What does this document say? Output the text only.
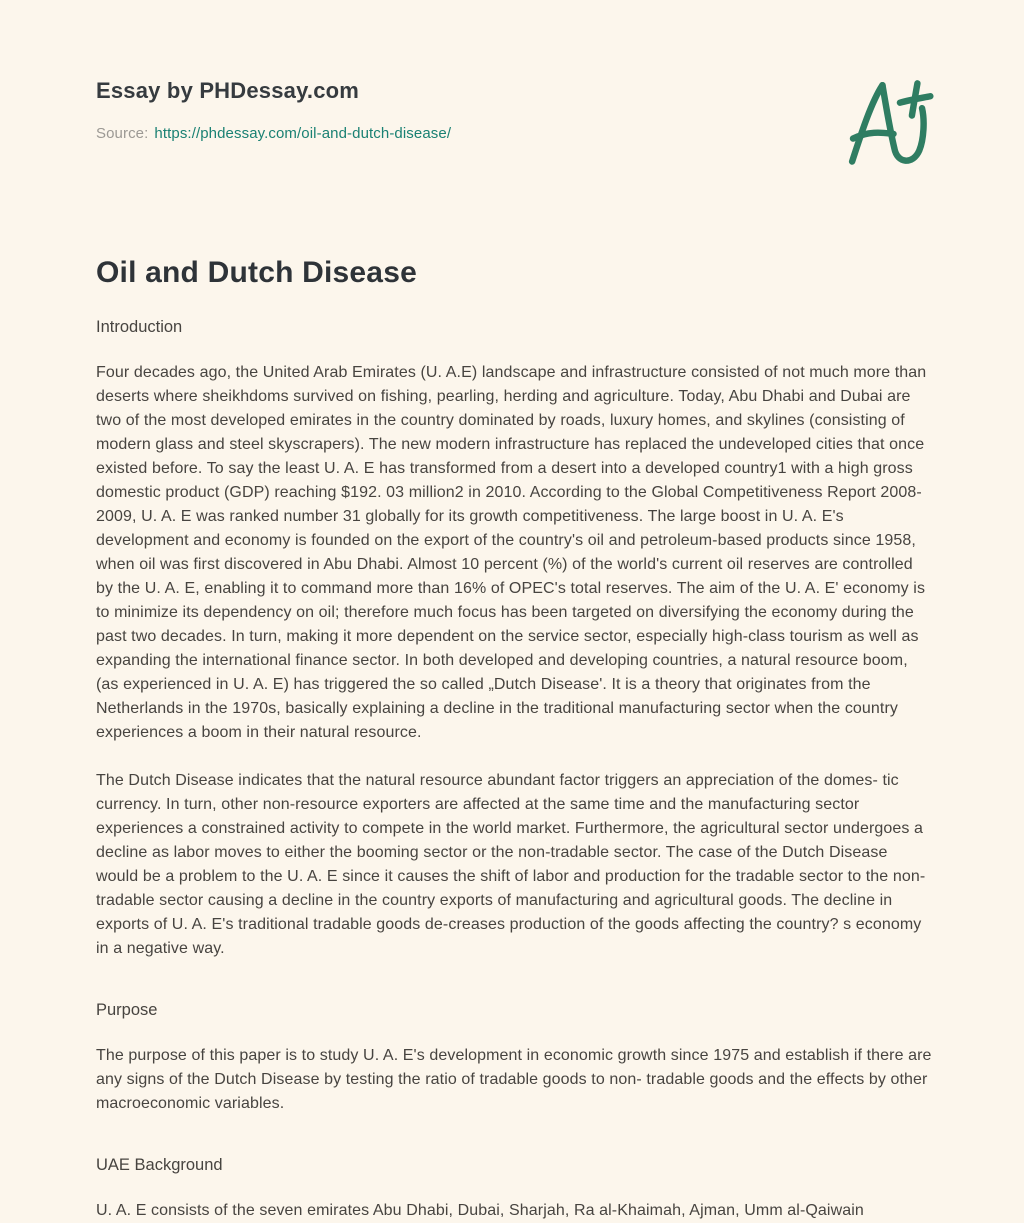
Essay by PHDessay.com
Source: https://phdessay.com/oil-and-dutch-disease/
Oil and Dutch Disease
Introduction

Four decades ago, the United Arab Emirates (U. A.E) landscape and infrastructure consisted of not much more than deserts where sheikhdoms survived on fishing, pearling, herding and agriculture. Today, Abu Dhabi and Dubai are two of the most developed emirates in the country dominated by roads, luxury homes, and skylines (consisting of modern glass and steel skyscrapers). The new modern infrastructure has replaced the undeveloped cities that once existed before. To say the least U. A. E has transformed from a desert into a developed country1 with a high gross domestic product (GDP) reaching $192. 03 million2 in 2010. According to the Global Competitiveness Report 2008-2009, U. A. E was ranked number 31 globally for its growth competitiveness. The large boost in U. A. E's development and economy is founded on the export of the country's oil and petroleum-based products since 1958, when oil was first discovered in Abu Dhabi. Almost 10 percent (%) of the world's current oil reserves are controlled by the U. A. E, enabling it to command more than 16% of OPEC's total reserves. The aim of the U. A. E' economy is to minimize its dependency on oil; therefore much focus has been targeted on diversifying the economy during the past two decades. In turn, making it more dependent on the service sector, especially high-class tourism as well as expanding the international finance sector. In both developed and developing countries, a natural resource boom, (as experienced in U. A. E) has triggered the so called „Dutch Disease'. It is a theory that originates from the Netherlands in the 1970s, basically explaining a decline in the traditional manufacturing sector when the country experiences a boom in their natural resource.

The Dutch Disease indicates that the natural resource abundant factor triggers an appreciation of the domes- tic currency. In turn, other non-resource exporters are affected at the same time and the manufacturing sector experiences a constrained activity to compete in the world market. Furthermore, the agricultural sector undergoes a decline as labor moves to either the booming sector or the non-tradable sector. The case of the Dutch Disease would be a problem to the U. A. E since it causes the shift of labor and production for the tradable sector to the non-tradable sector causing a decline in the country exports of manufacturing and agricultural goods. The decline in exports of U. A. E's traditional tradable goods de-creases production of the goods affecting the country? s economy in a negative way.

Purpose

The purpose of this paper is to study U. A. E's development in economic growth since 1975 and establish if there are any signs of the Dutch Disease by testing the ratio of tradable goods to non- tradable goods and the effects by other macroeconomic variables.

UAE Background

U. A. E consists of the seven emirates Abu Dhabi, Dubai, Sharjah, Ra al-Khaimah, Ajman, Umm al-Qaiwain
